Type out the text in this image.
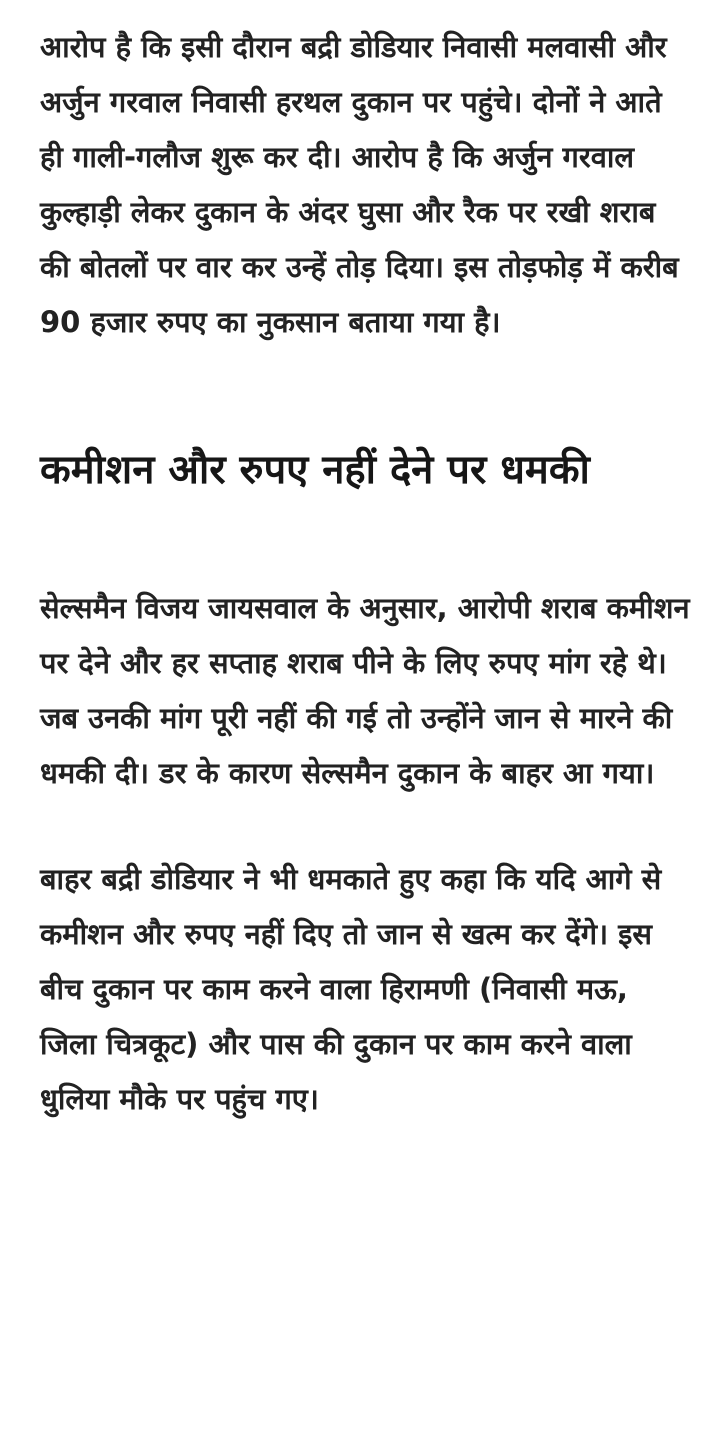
आरोप है कि इसी दौरान बद्री डोडियार निवासी मलवासी और अर्जुन गरवाल निवासी हरथल दुकान पर पहुंचे। दोनों ने आते ही गाली-गलौज शुरू कर दी। आरोप है कि अर्जुन गरवाल कुल्हाड़ी लेकर दुकान के अंदर घुसा और रैक पर रखी शराब की बोतलों पर वार कर उन्हें तोड़ दिया। इस तोड़फोड़ में करीब 90 हजार रुपए का नुकसान बताया गया है।

कमीशन और रुपए नहीं देने पर धमकी

सेल्समैन विजय जायसवाल के अनुसार, आरोपी शराब कमीशन पर देने और हर सप्ताह शराब पीने के लिए रुपए मांग रहे थे। जब उनकी मांग पूरी नहीं की गई तो उन्होंने जान से मारने की धमकी दी। डर के कारण सेल्समैन दुकान के बाहर आ गया।

बाहर बद्री डोडियार ने भी धमकाते हुए कहा कि यदि आगे से कमीशन और रुपए नहीं दिए तो जान से खत्म कर देंगे। इस बीच दुकान पर काम करने वाला हिरामणी (निवासी मऊ, जिला चित्रकूट) और पास की दुकान पर काम करने वाला धुलिया मौके पर पहुंच गए।
